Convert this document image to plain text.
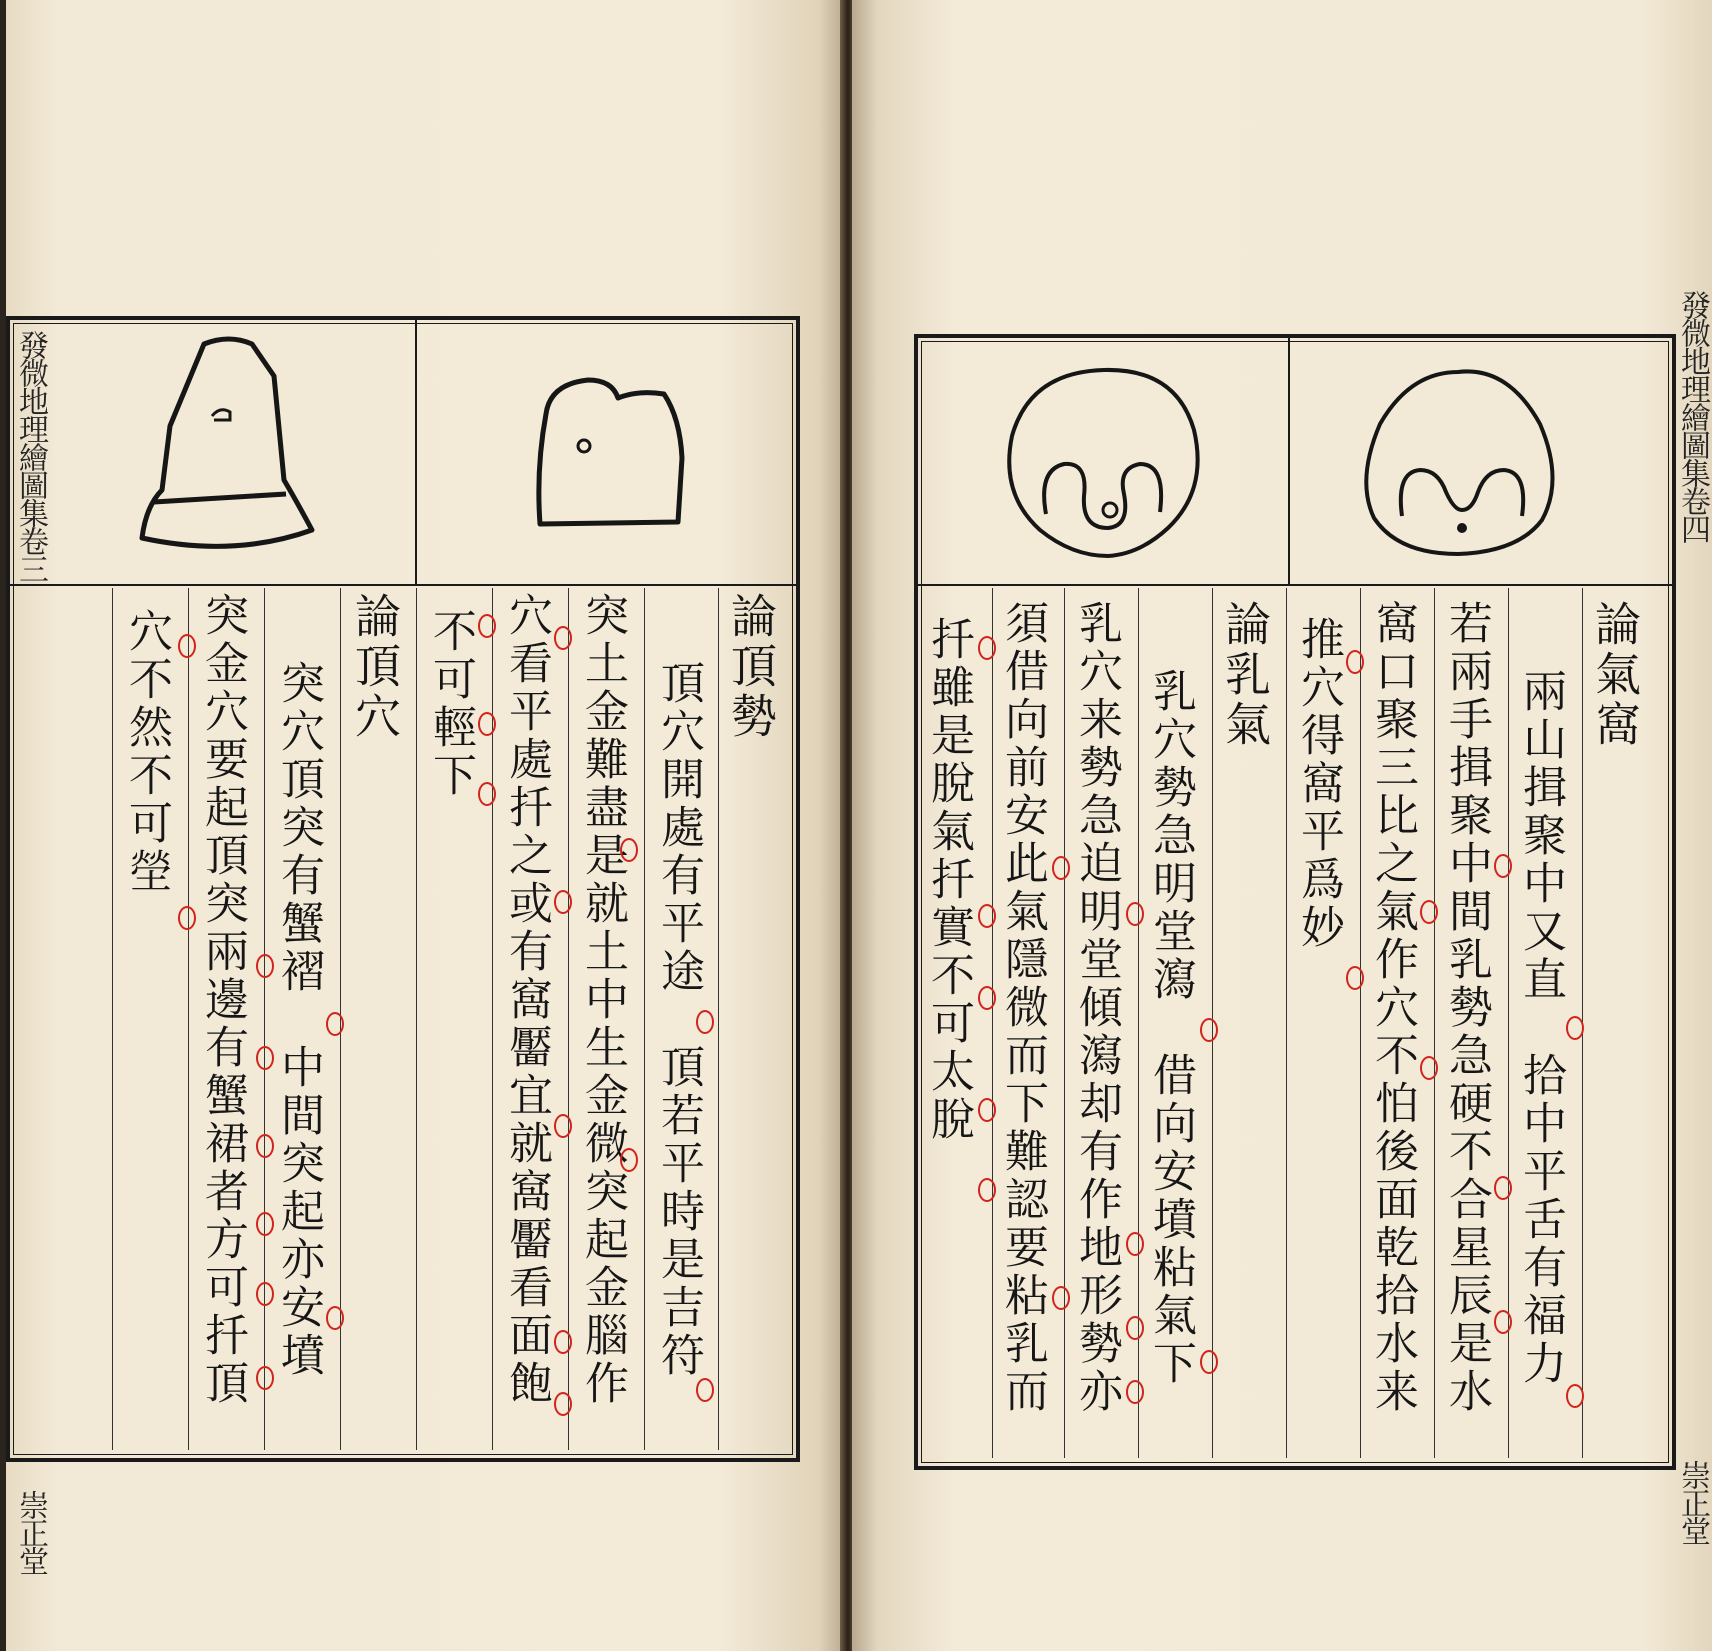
論頂勢
　頂穴開處有平途　頂若平時是吉符
突土金難盡是就土中生金微突起金腦作
穴看平處扦之或有窩靨宜就窩靨看面飽
不可輕下
論頂穴
　突穴頂突有蟹褶　中間突起亦安墳
突金穴要起頂突兩邊有蟹裙者方可扦頂
穴不然不可塋
發微地理繪圖集卷三
崇正堂
論氣窩
　兩山揖聚中又直　拾中平舌有福力
若兩手揖聚中間乳勢急硬不合星辰是水
窩口聚三比之氣作穴不怕後面乾拾水来
推穴得窩平爲妙
論乳氣
　乳穴勢急明堂瀉　借向安墳粘氣下
乳穴来勢急迫明堂傾瀉却有作地形勢亦
須借向前安此氣隱微而下難認要粘乳而
扦雖是脫氣扦實不可太脫
發微地理繪圖集卷四
崇正堂
